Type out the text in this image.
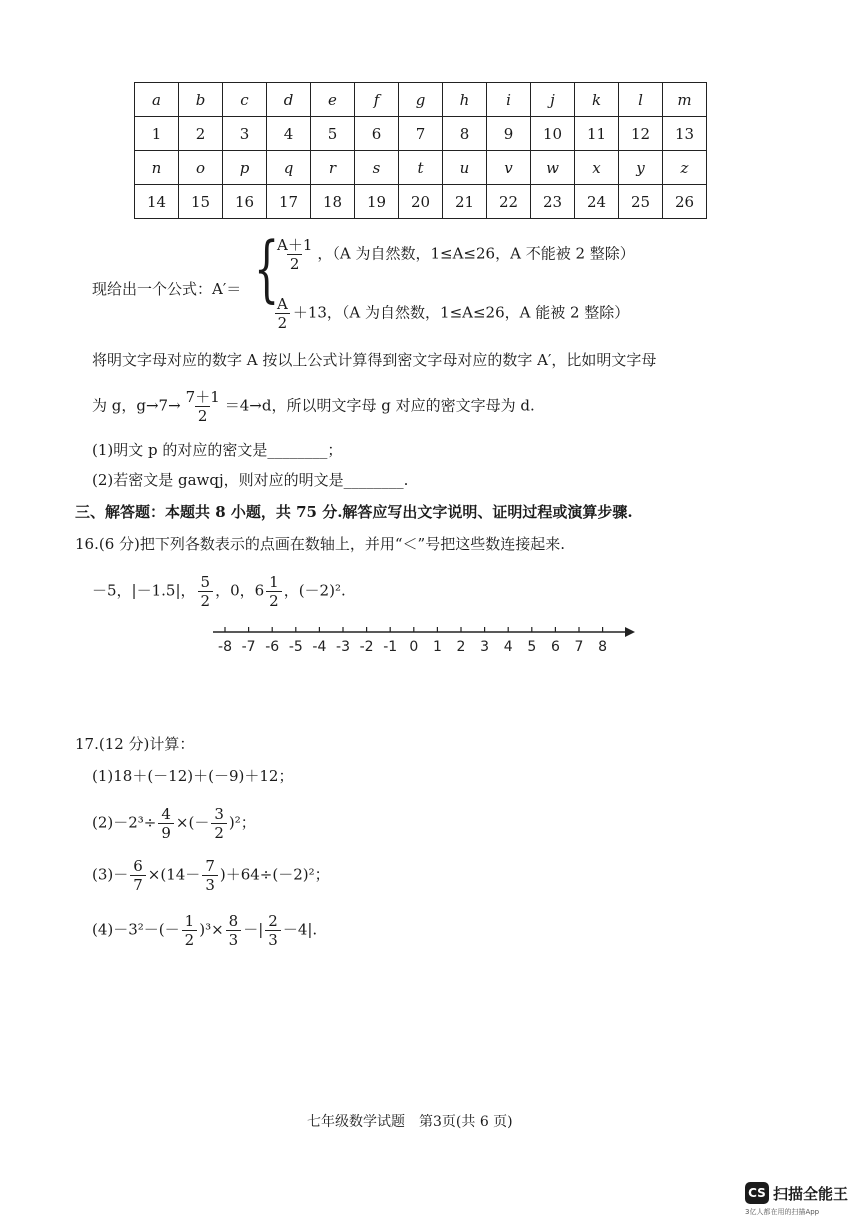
a	b	c	d	e	f	g	h	i	j	k	l	m
1	2	3	4	5	6	7	8	9	10	11	12	13
n	o	p	q	r	s	t	u	v	w	x	y	z
14	15	16	17	18	19	20	21	22	23	24	25	26
现给出一个公式：A′＝ {
$\frac{A+1}{2}$ ，（A 为自然数，1≤A≤26，A 不能被 2 整除）
$\frac{A}{2} +13$，（A 为自然数，1≤A≤26，A 能被 2 整除）
将明文字母对应的数字 A 按以上公式计算得到密文字母对应的数字 A′，比如明文字母
为 g，$g\to 7\to \frac{7+1}{2} =4\to d$，所以明文字母 g 对应的密文字母为 d.
(1)明文 p 的对应的密文是________；
(2)若密文是 gawqj，则对应的明文是________.
三、解答题：本题共 8 小题，共 75 分.解答应写出文字说明、证明过程或演算步骤.
16.(6 分)把下列各数表示的点画在数轴上，并用“＜”号把这些数连接起来.
－5，|－1.5|， $\frac{5}{2}$ ，0，$6 \frac{1}{2}$ ，(－2)².
-8 -7 -6 -5 -4 -3 -2 -1 0 1 2 3 4 5 6 7 8
17.(12 分)计算：
(1)18＋(－12)＋(－9)＋12；
$(2)-2^3\div \frac{4}{9}$ ×(－ $\frac{3}{2} )^2$；
$(3)- \frac{6}{7} \times(14- \frac{7}{3} )+64\div(-2)^2$；
$(4)-3^2-(- \frac{1}{2} )^3\times \frac{8}{3}$ －| $\frac{2}{3} -4|$.
七年级数学试题　第3页(共 6 页)
CS 扫描全能王
3亿人都在用的扫描App
